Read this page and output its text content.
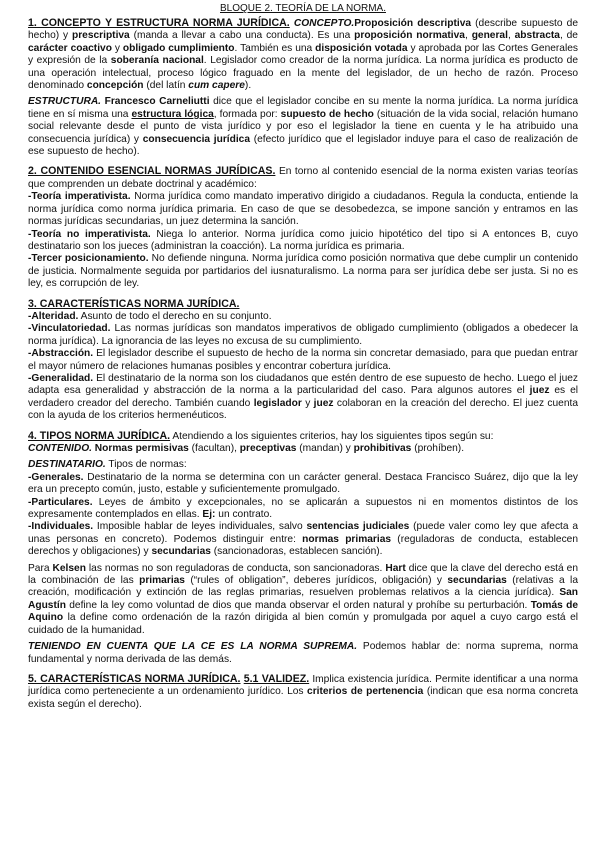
BLOQUE 2. TEORÍA DE LA NORMA.

1. CONCEPTO Y ESTRUCTURA NORMA JURÍDICA. CONCEPTO.Proposición descriptiva (describe supuesto de hecho) y prescriptiva (manda a llevar a cabo una conducta). Es una proposición normativa, general, abstracta, de carácter coactivo y obligado cumplimiento. También es una disposición votada y aprobada por las Cortes Generales y expresión de la soberanía nacional. Legislador como creador de la norma jurídica. La norma jurídica es producto de una operación intelectual, proceso lógico fraguado en la mente del legislador, de un hecho de razón. Proceso denominado concepción (del latín cum capere).

ESTRUCTURA. Francesco Carneliutti dice que el legislador concibe en su mente la norma jurídica. La norma jurídica tiene en sí misma una estructura lógica, formada por: supuesto de hecho (situación de la vida social, relación humano social relevante desde el punto de vista jurídico y por eso el legislador la tiene en cuenta y le ha atribuido una consecuencia jurídica) y consecuencia jurídica (efecto jurídico que el legislador induye para el caso de realización de ese supuesto de hecho).

2. CONTENIDO ESENCIAL NORMAS JURÍDICAS. En torno al contenido esencial de la norma existen varias teorías que comprenden un debate doctrinal y académico:

-Teoría imperativista. Norma jurídica como mandato imperativo dirigido a ciudadanos. Regula la conducta, entiende la norma jurídica como norma jurídica primaria. En caso de que se desobedezca, se impone sanción y entramos en las normas jurídicas secundarias, un juez determina la sanción.

-Teoría no imperativista. Niega lo anterior. Norma jurídica como juicio hipotético del tipo si A entonces B, cuyo destinatario son los jueces (administran la coacción). La norma jurídica es primaria.

-Tercer posicionamiento. No defiende ninguna. Norma jurídica como posición normativa que debe cumplir un contenido de justicia. Normalmente seguida por partidarios del iusnaturalismo. La norma para ser jurídica debe ser justa. Si no es ley, es corrupción de ley.

3. CARACTERÍSTICAS NORMA JURÍDICA.

-Alteridad. Asunto de todo el derecho en su conjunto.

-Vinculatoriedad. Las normas jurídicas son mandatos imperativos de obligado cumplimiento (obligados a obedecer la norma jurídica). La ignorancia de las leyes no excusa de su cumplimiento.

-Abstracción. El legislador describe el supuesto de hecho de la norma sin concretar demasiado, para que puedan entrar el mayor número de relaciones humanas posibles y encontrar cobertura jurídica.

-Generalidad. El destinatario de la norma son los ciudadanos que estén dentro de ese supuesto de hecho. Luego el juez adapta esa generalidad y abstracción de la norma a la particularidad del caso. Para algunos autores el juez es el verdadero creador del derecho. También cuando legislador y juez colaboran en la creación del derecho. El juez cuenta con la ayuda de los criterios hermenéuticos.

4. TIPOS NORMA JURÍDICA. Atendiendo a los siguientes criterios, hay los siguientes tipos según su:

CONTENIDO. Normas permisivas (facultan), preceptivas (mandan) y prohibitivas (prohíben).

DESTINATARIO. Tipos de normas:

-Generales. Destinatario de la norma se determina con un carácter general. Destaca Francisco Suárez, dijo que la ley era un precepto común, justo, estable y suficientemente promulgado.

-Particulares. Leyes de ámbito y excepcionales, no se aplicarán a supuestos ni en momentos distintos de los expresamente contemplados en ellas. Ej: un contrato.

-Individuales. Imposible hablar de leyes individuales, salvo sentencias judiciales (puede valer como ley que afecta a unas personas en concreto). Podemos distinguir entre: normas primarias (reguladoras de conducta, establecen derechos y obligaciones) y secundarias (sancionadoras, establecen sanción).

Para Kelsen las normas no son reguladoras de conducta, son sancionadoras. Hart dice que la clave del derecho está en la combinación de las primarias (“rules of obligation”, deberes jurídicos, obligación) y secundarias (relativas a la creación, modificación y extinción de las reglas primarias, resuelven problemas relativos a la ciencia jurídica). San Agustín define la ley como voluntad de dios que manda observar el orden natural y prohíbe su perturbación. Tomás de Aquino la define como ordenación de la razón dirigida al bien común y promulgada por aquel a cuyo cargo está el cuidado de la humanidad.

TENIENDO EN CUENTA QUE LA CE ES LA NORMA SUPREMA. Podemos hablar de: norma suprema, norma fundamental y norma derivada de las demás.

5. CARACTERÍSTICAS NORMA JURÍDICA. 5.1 VALIDEZ. Implica existencia jurídica. Permite identificar a una norma jurídica como perteneciente a un ordenamiento jurídico. Los criterios de pertenencia (indican que esa norma concreta exista según el derecho).
